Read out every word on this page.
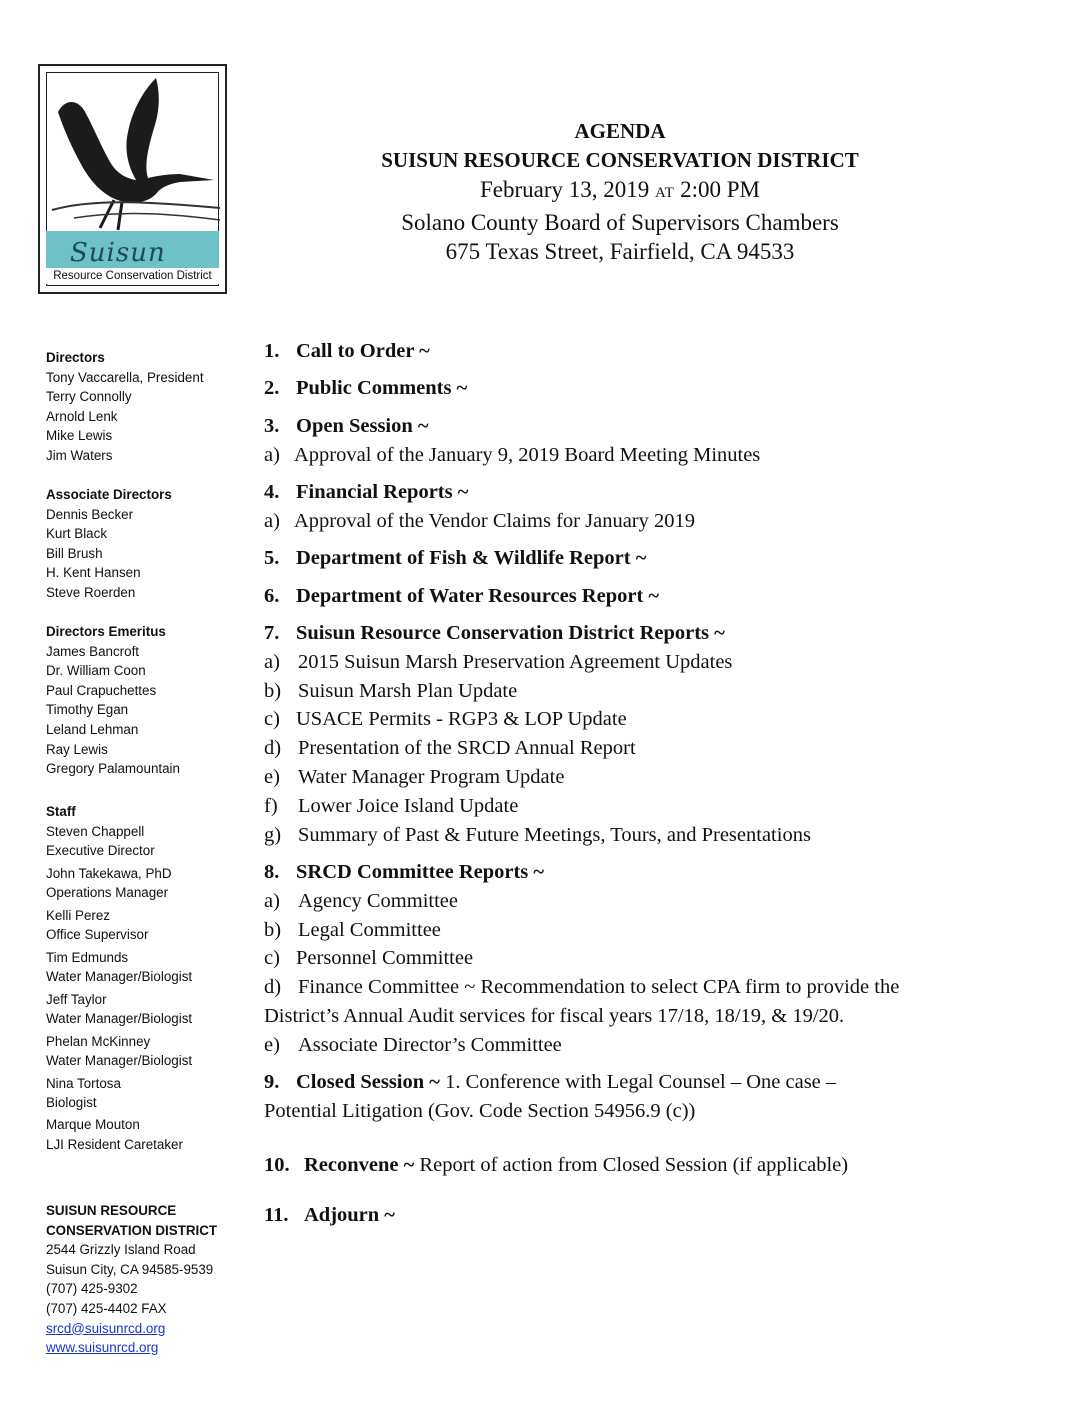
Suisun
Resource Conservation District
AGENDA
SUISUN RESOURCE CONSERVATION DISTRICT
February 13, 2019 AT 2:00 PM
Solano County Board of Supervisors Chambers
675 Texas Street, Fairfield, CA 94533
Directors
Tony Vaccarella, President
Terry Connolly
Arnold Lenk
Mike Lewis
Jim Waters
Associate Directors
Dennis Becker
Kurt Black
Bill Brush
H. Kent Hansen
Steve Roerden
Directors Emeritus
James Bancroft
Dr. William Coon
Paul Crapuchettes
Timothy Egan
Leland Lehman
Ray Lewis
Gregory Palamountain
Staff
Steven Chappell
Executive Director
John Takekawa, PhD
Operations Manager
Kelli Perez
Office Supervisor
Tim Edmunds
Water Manager/Biologist
Jeff Taylor
Water Manager/Biologist
Phelan McKinney
Water Manager/Biologist
Nina Tortosa
Biologist
Marque Mouton
LJI Resident Caretaker
SUISUN RESOURCE
CONSERVATION DISTRICT
2544 Grizzly Island Road
Suisun City, CA 94585-9539
(707) 425-9302
(707) 425-4402 FAX
srcd@suisunrcd.org
www.suisunrcd.org
1. Call to Order ~
2. Public Comments ~
3. Open Session ~
a) Approval of the January 9, 2019 Board Meeting Minutes
4. Financial Reports ~
a) Approval of the Vendor Claims for January 2019
5. Department of Fish & Wildlife Report ~
6. Department of Water Resources Report ~
7. Suisun Resource Conservation District Reports ~
a) 2015 Suisun Marsh Preservation Agreement Updates
b) Suisun Marsh Plan Update
c) USACE Permits - RGP3 & LOP Update
d) Presentation of the SRCD Annual Report
e) Water Manager Program Update
f) Lower Joice Island Update
g) Summary of Past & Future Meetings, Tours, and Presentations
8. SRCD Committee Reports ~
a) Agency Committee
b) Legal Committee
c) Personnel Committee
d) Finance Committee ~ Recommendation to select CPA firm to provide the
District’s Annual Audit services for fiscal years 17/18, 18/19, & 19/20.
e) Associate Director’s Committee
9. Closed Session ~ 1. Conference with Legal Counsel – One case –
Potential Litigation (Gov. Code Section 54956.9 (c))
10. Reconvene ~ Report of action from Closed Session (if applicable)
11. Adjourn ~
